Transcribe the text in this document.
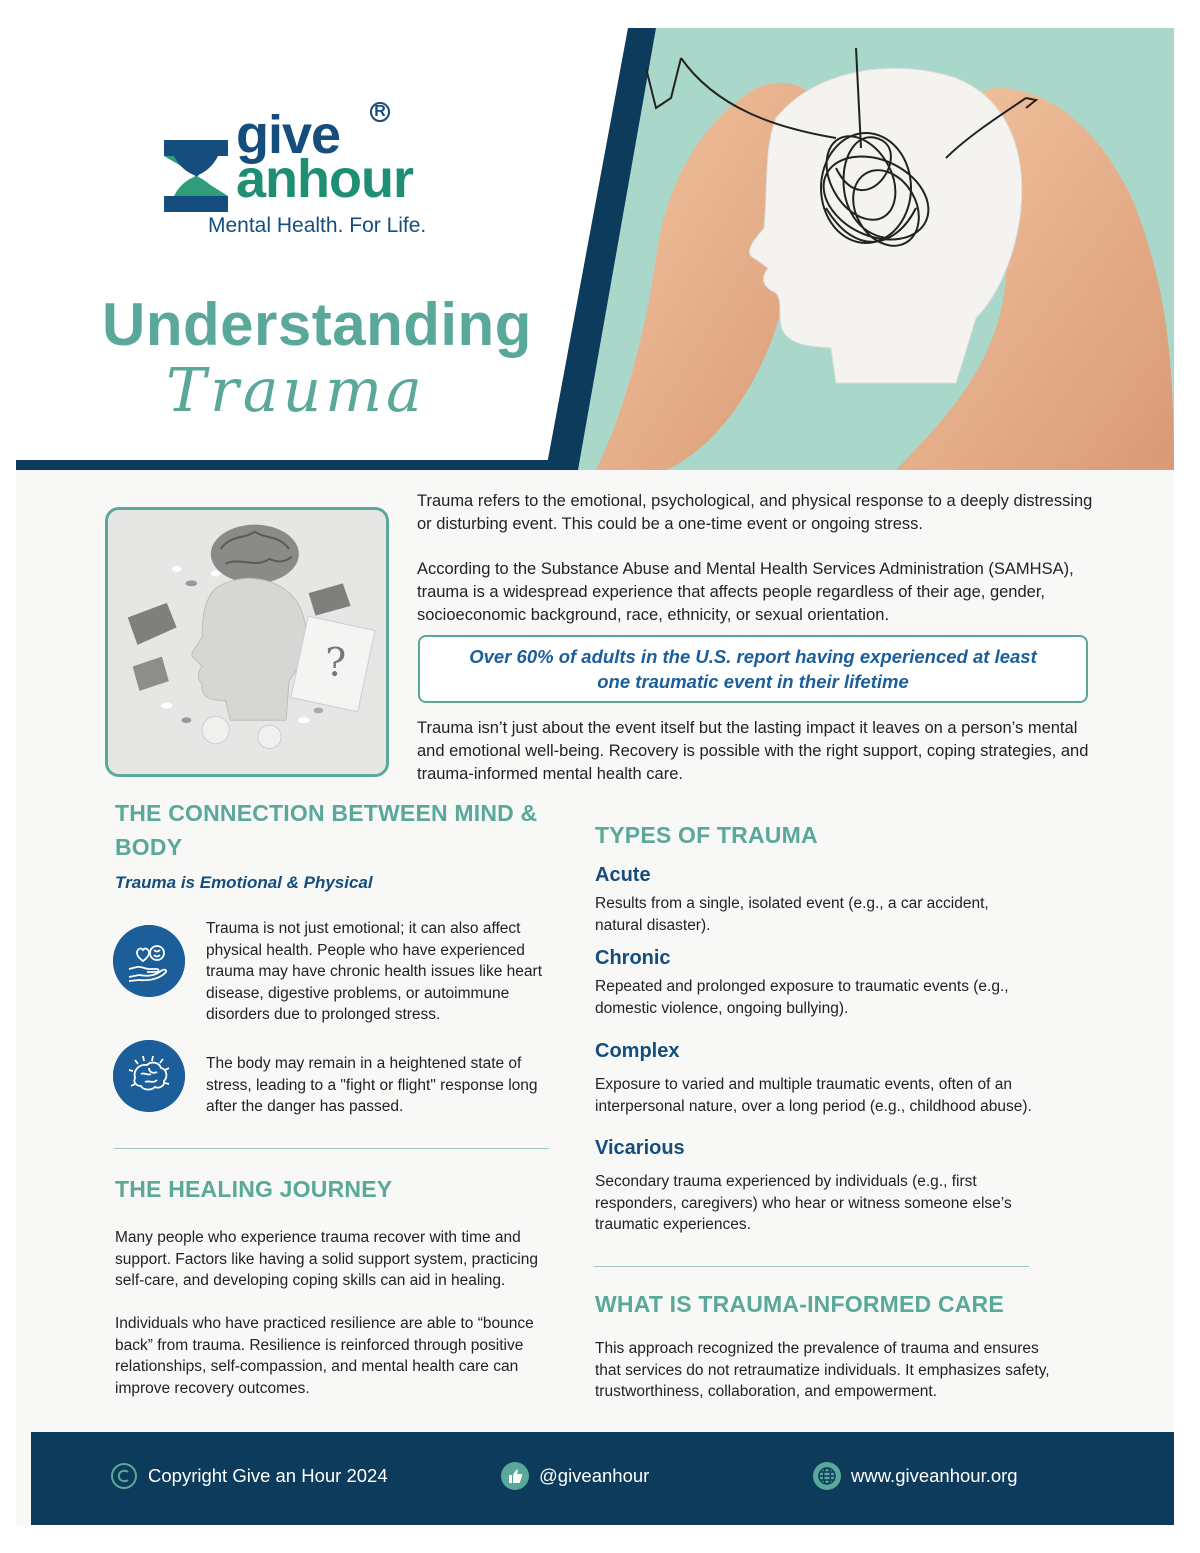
give
anhour
R
Mental Health. For Life.
Understanding
Trauma
?

Trauma refers to the emotional, psychological, and physical response to a deeply distressing or disturbing event. This could be a one-time event or ongoing stress.

According to the Substance Abuse and Mental Health Services Administration (SAMHSA), trauma is a widespread experience that affects people regardless of their age, gender, socioeconomic background, race, ethnicity, or sexual orientation.

Over 60% of adults in the U.S. report having experienced at least one traumatic event in their lifetime

Trauma isn’t just about the event itself but the lasting impact it leaves on a person’s mental and emotional well-being. Recovery is possible with the right support, coping strategies, and trauma-informed mental health care.

THE CONNECTION BETWEEN MIND & BODY
Trauma is Emotional & Physical

Trauma is not just emotional; it can also affect physical health. People who have experienced trauma may have chronic health issues like heart disease, digestive problems, or autoimmune disorders due to prolonged stress.

The body may remain in a heightened state of stress, leading to a "fight or flight" response long after the danger has passed.

THE HEALING JOURNEY

Many people who experience trauma recover with time and support. Factors like having a solid support system, practicing self-care, and developing coping skills can aid in healing.

Individuals who have practiced resilience are able to “bounce back” from trauma. Resilience is reinforced through positive relationships, self-compassion, and mental health care can improve recovery outcomes.

TYPES OF TRAUMA
Acute

Results from a single, isolated event (e.g., a car accident, natural disaster).

Chronic

Repeated and prolonged exposure to traumatic events (e.g., domestic violence, ongoing bullying).

Complex

Exposure to varied and multiple traumatic events, often of an interpersonal nature, over a long period (e.g., childhood abuse).

Vicarious

Secondary trauma experienced by individuals (e.g., first responders, caregivers) who hear or witness someone else’s traumatic experiences.

WHAT IS TRAUMA-INFORMED CARE

This approach recognized the prevalence of trauma and ensures that services do not retraumatize individuals. It emphasizes safety, trustworthiness, collaboration, and empowerment.

Copyright Give an Hour 2024	@giveanhour	www.giveanhour.org
